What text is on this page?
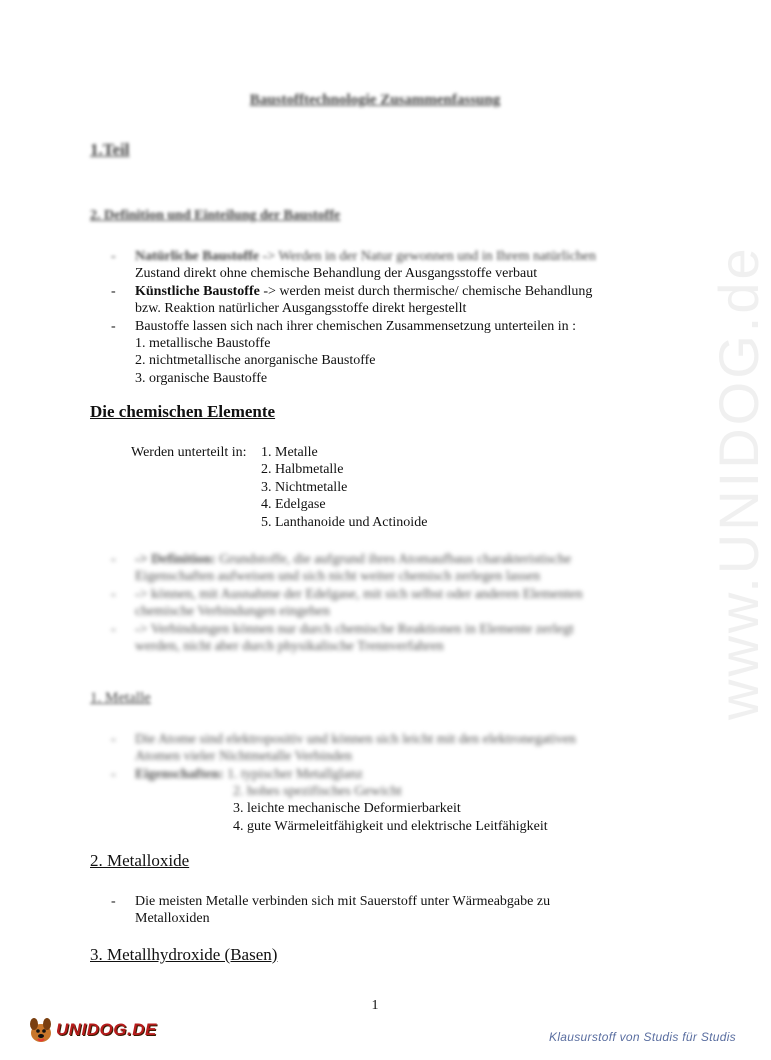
www.UNIDOG.de
Baustofftechnologie Zusammenfassung
1.Teil
2. Definition und Einteilung der Baustoffe
- Natürliche Baustoffe -> Werden in der Natur gewonnen und in Ihrem natürlichen
Zustand direkt ohne chemische Behandlung der Ausgangsstoffe verbaut
- Künstliche Baustoffe -> werden meist durch thermische/ chemische Behandlung
bzw. Reaktion natürlicher Ausgangsstoffe direkt hergestellt
- Baustoffe lassen sich nach ihrer chemischen Zusammensetzung unterteilen in :
1. metallische Baustoffe
2. nichtmetallische anorganische Baustoffe
3. organische Baustoffe
Die chemischen Elemente
Werden unterteilt in: 1. Metalle
2. Halbmetalle
3. Nichtmetalle
4. Edelgase
5. Lanthanoide und Actinoide
- -> Definition: Grundstoffe, die aufgrund ihres Atomaufbaus charakteristische
Eigenschaften aufweisen und sich nicht weiter chemisch zerlegen lassen
- -> können, mit Ausnahme der Edelgase, mit sich selbst oder anderen Elementen
chemische Verbindungen eingehen
- -> Verbindungen können nur durch chemische Reaktionen in Elemente zerlegt
werden, nicht aber durch physikalische Trennverfahren
1. Metalle
- Die Atome sind elektropositiv und können sich leicht mit den elektronegativen
Atomen vieler Nichtmetalle Verbinden
- Eigenschaften: 1. typischer Metallglanz
2. hohes spezifisches Gewicht
3. leichte mechanische Deformierbarkeit
4. gute Wärmeleitfähigkeit und elektrische Leitfähigkeit
2. Metalloxide
- Die meisten Metalle verbinden sich mit Sauerstoff unter Wärmeabgabe zu
Metalloxiden
3. Metallhydroxide (Basen)
1
UNIDOG.DE	Klausurstoff von Studis für Studis
